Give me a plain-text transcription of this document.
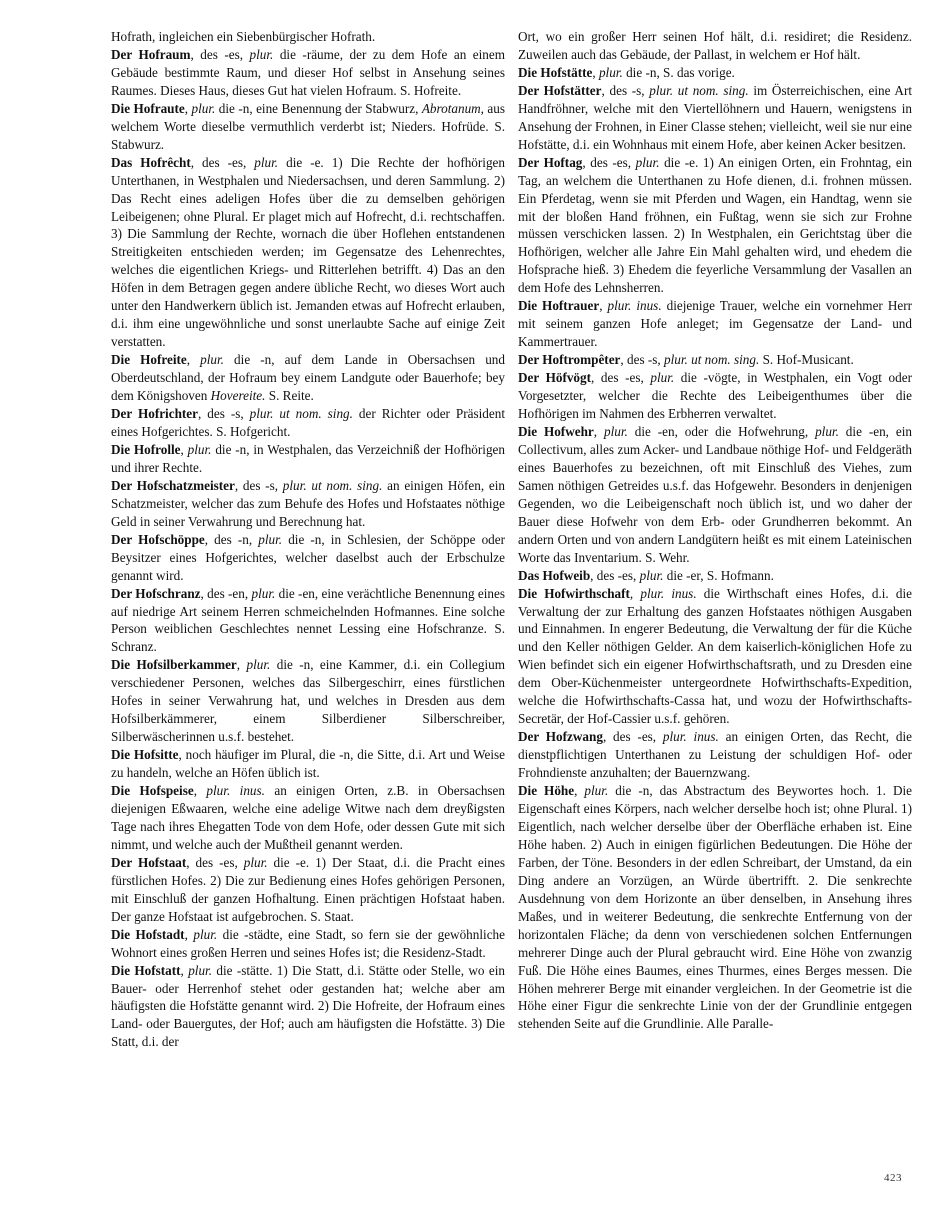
Hofrath, ingleichen ein Siebenbürgischer Hofrath.

Der Hofraum, des -es, plur. die -räume, der zu dem Hofe an einem Gebäude bestimmte Raum, und dieser Hof selbst in Ansehung seines Raumes. Dieses Haus, dieses Gut hat vielen Hofraum. S. Hofreite.

Die Hofraute, plur. die -n, eine Benennung der Stabwurz, Abrotanum, aus welchem Worte dieselbe vermuthlich verderbt ist; Nieders. Hofrüde. S. Stabwurz.

Das Hofrêcht, des -es, plur. die -e. 1) Die Rechte der hofhörigen Unterthanen, in Westphalen und Niedersachsen, und deren Sammlung. 2) Das Recht eines adeligen Hofes über die zu demselben gehörigen Leibeigenen; ohne Plural. Er plaget mich auf Hofrecht, d.i. rechtschaffen. 3) Die Sammlung der Rechte, wornach die über Hoflehen entstandenen Streitigkeiten entschieden werden; im Gegensatze des Lehenrechtes, welches die eigentlichen Kriegs- und Ritterlehen betrifft. 4) Das an den Höfen in dem Betragen gegen andere übliche Recht, wo dieses Wort auch unter den Handwerkern üblich ist. Jemanden etwas auf Hofrecht erlauben, d.i. ihm eine ungewöhnliche und sonst unerlaubte Sache auf einige Zeit verstatten.

Die Hofreite, plur. die -n, auf dem Lande in Obersachsen und Oberdeutschland, der Hofraum bey einem Landgute oder Bauerhofe; bey dem Königshoven Hovereite. S. Reite.

Der Hofrichter, des -s, plur. ut nom. sing. der Richter oder Präsident eines Hofgerichtes. S. Hofgericht.

Die Hofrolle, plur. die -n, in Westphalen, das Verzeichniß der Hofhörigen und ihrer Rechte.

Der Hofschatzmeister, des -s, plur. ut nom. sing. an einigen Höfen, ein Schatzmeister, welcher das zum Behufe des Hofes und Hofstaates nöthige Geld in seiner Verwahrung und Berechnung hat.

Der Hofschöppe, des -n, plur. die -n, in Schlesien, der Schöppe oder Beysitzer eines Hofgerichtes, welcher daselbst auch der Erbschulze genannt wird.

Der Hofschranz, des -en, plur. die -en, eine verächtliche Benennung eines auf niedrige Art seinem Herren schmeichelnden Hofmannes. Eine solche Person weiblichen Geschlechtes nennet Lessing eine Hofschranze. S. Schranz.

Die Hofsilberkammer, plur. die -n, eine Kammer, d.i. ein Collegium verschiedener Personen, welches das Silbergeschirr, eines fürstlichen Hofes in seiner Verwahrung hat, und welches in Dresden aus dem Hofsilberkämmerer, einem Silberdiener Silberschreiber, Silberwäscherinnen u.s.f. bestehet.

Die Hofsitte, noch häufiger im Plural, die -n, die Sitte, d.i. Art und Weise zu handeln, welche an Höfen üblich ist.

Die Hofspeise, plur. inus. an einigen Orten, z.B. in Obersachsen diejenigen Eßwaaren, welche eine adelige Witwe nach dem dreyßigsten Tage nach ihres Ehegatten Tode von dem Hofe, oder dessen Gute mit sich nimmt, und welche auch der Mußtheil genannt werden.

Der Hofstaat, des -es, plur. die -e. 1) Der Staat, d.i. die Pracht eines fürstlichen Hofes. 2) Die zur Bedienung eines Hofes gehörigen Personen, mit Einschluß der ganzen Hofhaltung. Einen prächtigen Hofstaat haben. Der ganze Hofstaat ist aufgebrochen. S. Staat.

Die Hofstadt, plur. die -städte, eine Stadt, so fern sie der gewöhnliche Wohnort eines großen Herren und seines Hofes ist; die Residenz-Stadt.

Die Hofstatt, plur. die -stätte. 1) Die Statt, d.i. Stätte oder Stelle, wo ein Bauer- oder Herrenhof stehet oder gestanden hat; welche aber am häufigsten die Hofstätte genannt wird. 2) Die Hofreite, der Hofraum eines Land- oder Bauergutes, der Hof; auch am häufigsten die Hofstätte. 3) Die Statt, d.i. der

Ort, wo ein großer Herr seinen Hof hält, d.i. residiret; die Residenz. Zuweilen auch das Gebäude, der Pallast, in welchem er Hof hält.

Die Hofstätte, plur. die -n, S. das vorige.

Der Hofstätter, des -s, plur. ut nom. sing. im Österreichischen, eine Art Handfröhner, welche mit den Viertellöhnern und Hauern, wenigstens in Ansehung der Frohnen, in Einer Classe stehen; vielleicht, weil sie nur eine Hofstätte, d.i. ein Wohnhaus mit einem Hofe, aber keinen Acker besitzen.

Der Hoftag, des -es, plur. die -e. 1) An einigen Orten, ein Frohntag, ein Tag, an welchem die Unterthanen zu Hofe dienen, d.i. frohnen müssen. Ein Pferdetag, wenn sie mit Pferden und Wagen, ein Handtag, wenn sie mit der bloßen Hand fröhnen, ein Fußtag, wenn sie sich zur Frohne müssen verschicken lassen. 2) In Westphalen, ein Gerichtstag über die Hofhörigen, welcher alle Jahre Ein Mahl gehalten wird, und ehedem die Hofsprache hieß. 3) Ehedem die feyerliche Versammlung der Vasallen an dem Hofe des Lehnsherren.

Die Hoftrauer, plur. inus. diejenige Trauer, welche ein vornehmer Herr mit seinem ganzen Hofe anleget; im Gegensatze der Land- und Kammertrauer.

Der Hoftrompêter, des -s, plur. ut nom. sing. S. Hof-Musicant.

Der Höfvögt, des -es, plur. die -vögte, in Westphalen, ein Vogt oder Vorgesetzter, welcher die Rechte des Leibeigenthumes über die Hofhörigen im Nahmen des Erbherren verwaltet.

Die Hofwehr, plur. die -en, oder die Hofwehrung, plur. die -en, ein Collectivum, alles zum Acker- und Landbaue nöthige Hof- und Feldgeräth eines Bauerhofes zu bezeichnen, oft mit Einschluß des Viehes, zum Samen nöthigen Getreides u.s.f. das Hofgewehr. Besonders in denjenigen Gegenden, wo die Leibeigenschaft noch üblich ist, und wo daher der Bauer diese Hofwehr von dem Erb- oder Grundherren bekommt. An andern Orten und von andern Landgütern heißt es mit einem Lateinischen Worte das Inventarium. S. Wehr.

Das Hofweib, des -es, plur. die -er, S. Hofmann.

Die Hofwirthschaft, plur. inus. die Wirthschaft eines Hofes, d.i. die Verwaltung der zur Erhaltung des ganzen Hofstaates nöthigen Ausgaben und Einnahmen. In engerer Bedeutung, die Verwaltung der für die Küche und den Keller nöthigen Gelder. An dem kaiserlich-königlichen Hofe zu Wien befindet sich ein eigener Hofwirthschaftsrath, und zu Dresden eine dem Ober-Küchenmeister untergeordnete Hofwirthschafts-Expedition, welche die Hofwirthschafts-Cassa hat, und wozu der Hofwirthschafts-Secretär, der Hof-Cassier u.s.f. gehören.

Der Hofzwang, des -es, plur. inus. an einigen Orten, das Recht, die dienstpflichtigen Unterthanen zu Leistung der schuldigen Hof- oder Frohndienste anzuhalten; der Bauernzwang.

Die Höhe, plur. die -n, das Abstractum des Beywortes hoch. 1. Die Eigenschaft eines Körpers, nach welcher derselbe hoch ist; ohne Plural. 1) Eigentlich, nach welcher derselbe über der Oberfläche erhaben ist. Eine Höhe haben. 2) Auch in einigen figürlichen Bedeutungen. Die Höhe der Farben, der Töne. Besonders in der edlen Schreibart, der Umstand, da ein Ding andere an Vorzügen, an Würde übertrifft. 2. Die senkrechte Ausdehnung von dem Horizonte an über denselben, in Ansehung ihres Maßes, und in weiterer Bedeutung, die senkrechte Entfernung von der horizontalen Fläche; da denn von verschiedenen solchen Entfernungen mehrerer Dinge auch der Plural gebraucht wird. Eine Höhe von zwanzig Fuß. Die Höhe eines Baumes, eines Thurmes, eines Berges messen. Die Höhen mehrerer Berge mit einander vergleichen. In der Geometrie ist die Höhe einer Figur die senkrechte Linie von der der Grundlinie entgegen stehenden Seite auf die Grundlinie. Alle Paralle-

423
